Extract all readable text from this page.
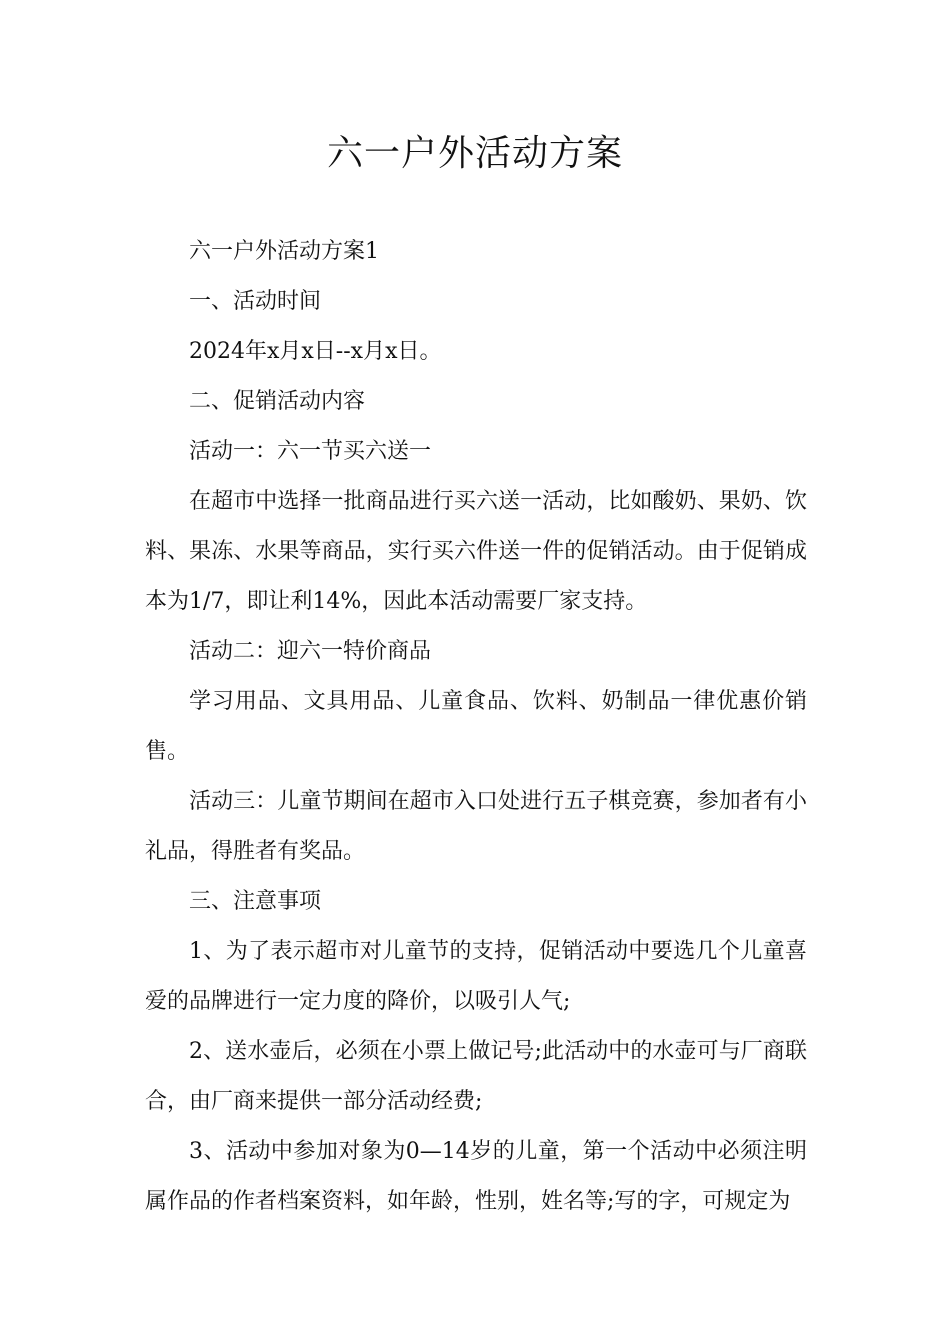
六一户外活动方案

六一户外活动方案1

一、活动时间

2024年x月x日--x月x日。

二、促销活动内容

活动一：六一节买六送一

在超市中选择一批商品进行买六送一活动，比如酸奶、果奶、饮料、果冻、水果等商品，实行买六件送一件的促销活动。由于促销成本为1/7，即让利14%，因此本活动需要厂家支持。

活动二：迎六一特价商品

学习用品、文具用品、儿童食品、饮料、奶制品一律优惠价销售。

活动三：儿童节期间在超市入口处进行五子棋竞赛，参加者有小礼品，得胜者有奖品。

三、注意事项

1、为了表示超市对儿童节的支持，促销活动中要选几个儿童喜爱的品牌进行一定力度的降价，以吸引人气;

2、送水壶后，必须在小票上做记号;此活动中的水壶可与厂商联合，由厂商来提供一部分活动经费;

3、活动中参加对象为0—14岁的儿童，第一个活动中必须注明属作品的作者档案资料，如年龄，性别，姓名等;写的字，可规定为
